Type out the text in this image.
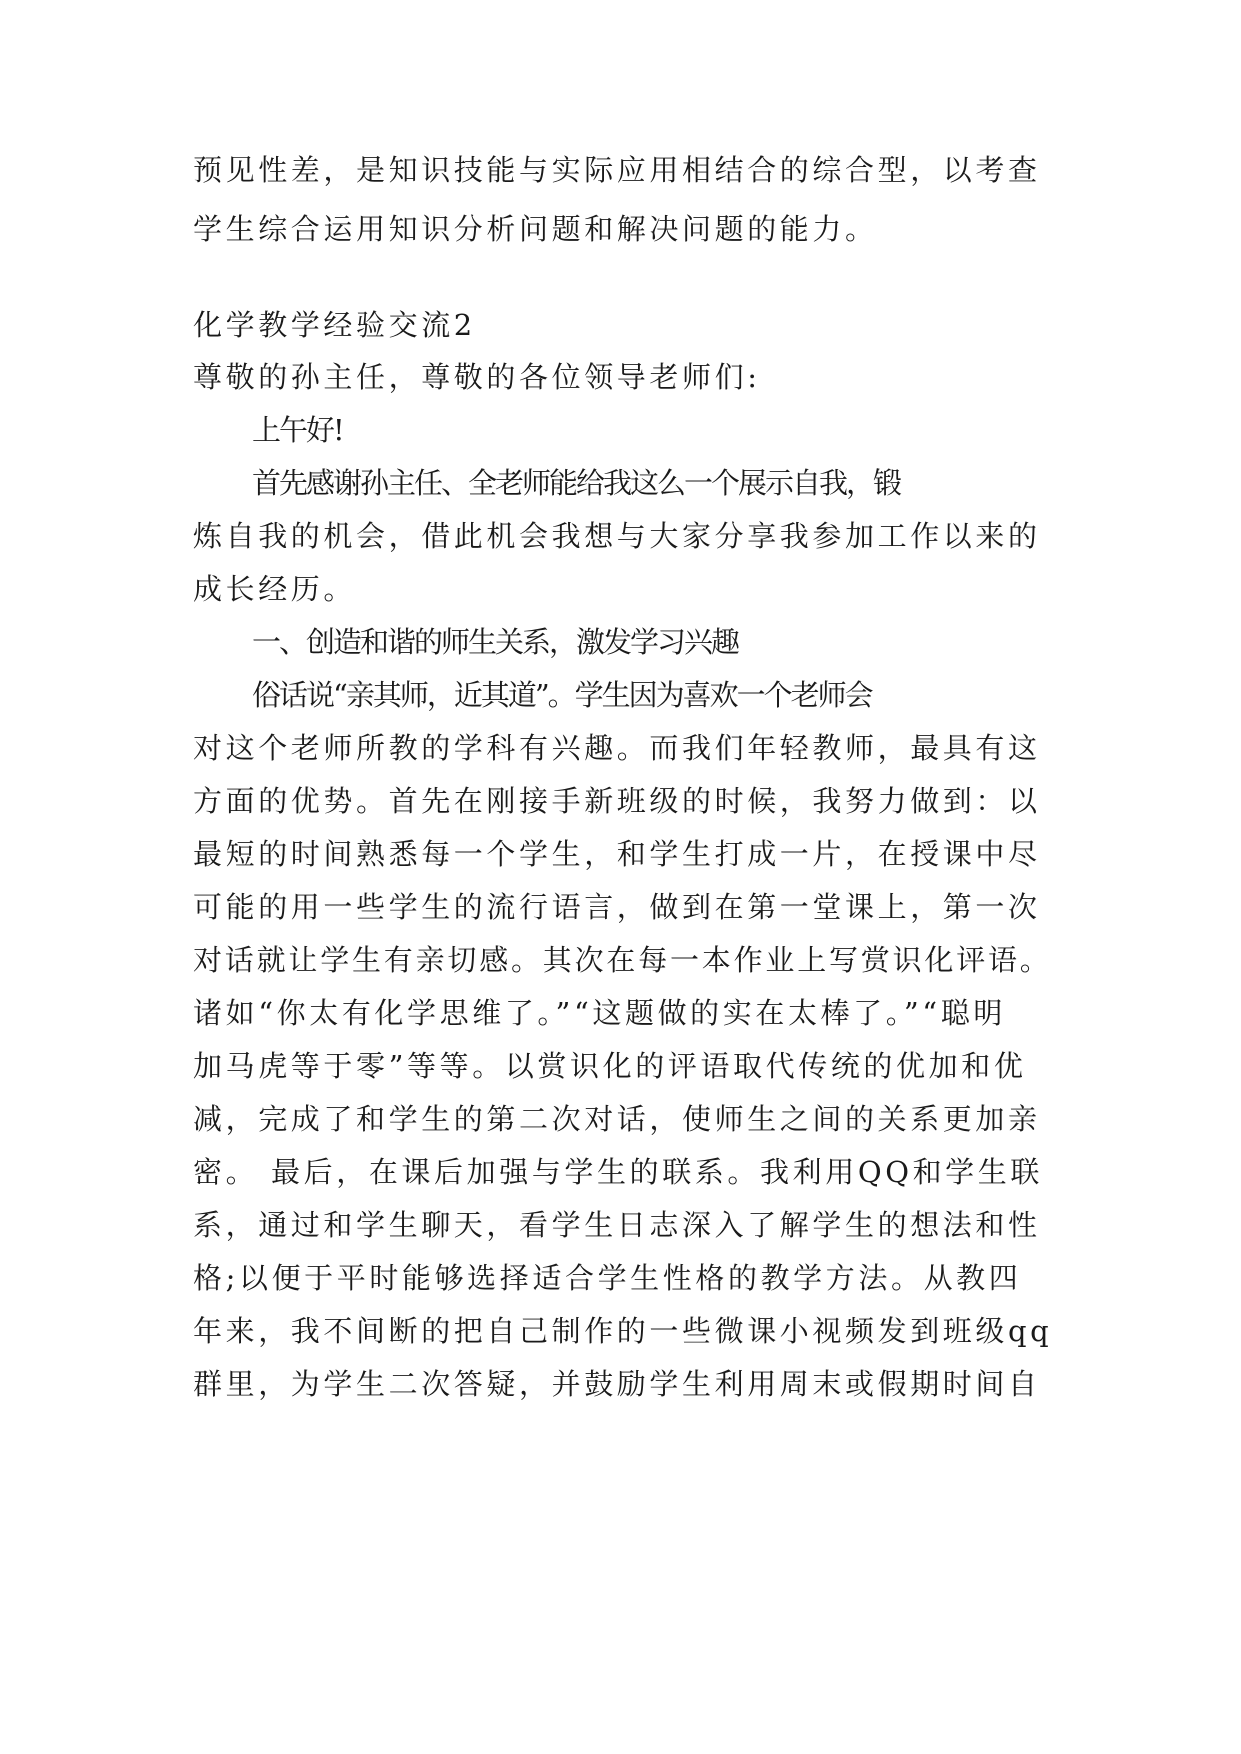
预见性差，是知识技能与实际应用相结合的综合型，以考查
学生综合运用知识分析问题和解决问题的能力。
化学教学经验交流2
尊敬的孙主任，尊敬的各位领导老师们:
上午好!
首先感谢孙主任、全老师能给我这么一个展示自我，锻
炼自我的机会，借此机会我想与大家分享我参加工作以来的
成长经历。
一、创造和谐的师生关系，激发学习兴趣
俗话说“亲其师，近其道”。学生因为喜欢一个老师会
对这个老师所教的学科有兴趣。而我们年轻教师，最具有这
方面的优势。首先在刚接手新班级的时候，我努力做到：以
最短的时间熟悉每一个学生，和学生打成一片，在授课中尽
可能的用一些学生的流行语言，做到在第一堂课上，第一次
对话就让学生有亲切感。其次在每一本作业上写赏识化评语。
诸如“你太有化学思维了。”“这题做的实在太棒了。”“聪明
加马虎等于零”等等。以赏识化的评语取代传统的优加和优
减，完成了和学生的第二次对话，使师生之间的关系更加亲
密。 最后，在课后加强与学生的联系。我利用QQ和学生联
系，通过和学生聊天，看学生日志深入了解学生的想法和性
格;以便于平时能够选择适合学生性格的教学方法。从教四
年来，我不间断的把自己制作的一些微课小视频发到班级qq
群里，为学生二次答疑，并鼓励学生利用周末或假期时间自
